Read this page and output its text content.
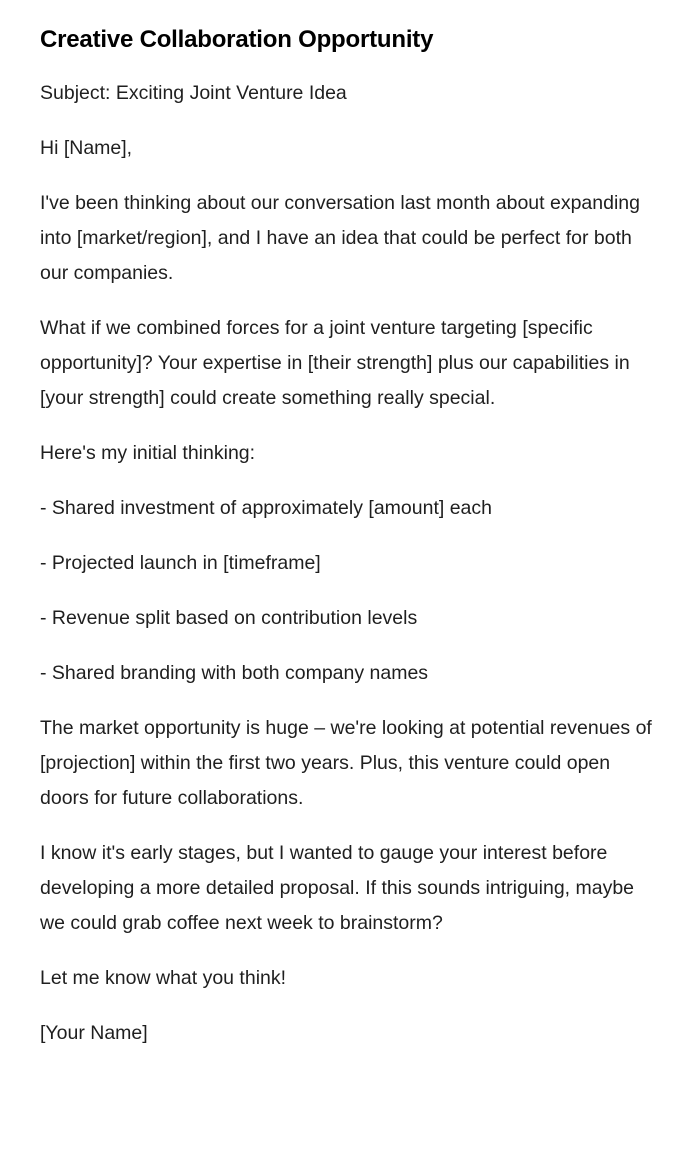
Creative Collaboration Opportunity

Subject: Exciting Joint Venture Idea

Hi [Name],

I've been thinking about our conversation last month about expanding into [market/region], and I have an idea that could be perfect for both our companies.

What if we combined forces for a joint venture targeting [specific opportunity]? Your expertise in [their strength] plus our capabilities in [your strength] could create something really special.

Here's my initial thinking:

- Shared investment of approximately [amount] each

- Projected launch in [timeframe]

- Revenue split based on contribution levels

- Shared branding with both company names

The market opportunity is huge – we're looking at potential revenues of [projection] within the first two years. Plus, this venture could open doors for future collaborations.

I know it's early stages, but I wanted to gauge your interest before developing a more detailed proposal. If this sounds intriguing, maybe we could grab coffee next week to brainstorm?

Let me know what you think!

[Your Name]
